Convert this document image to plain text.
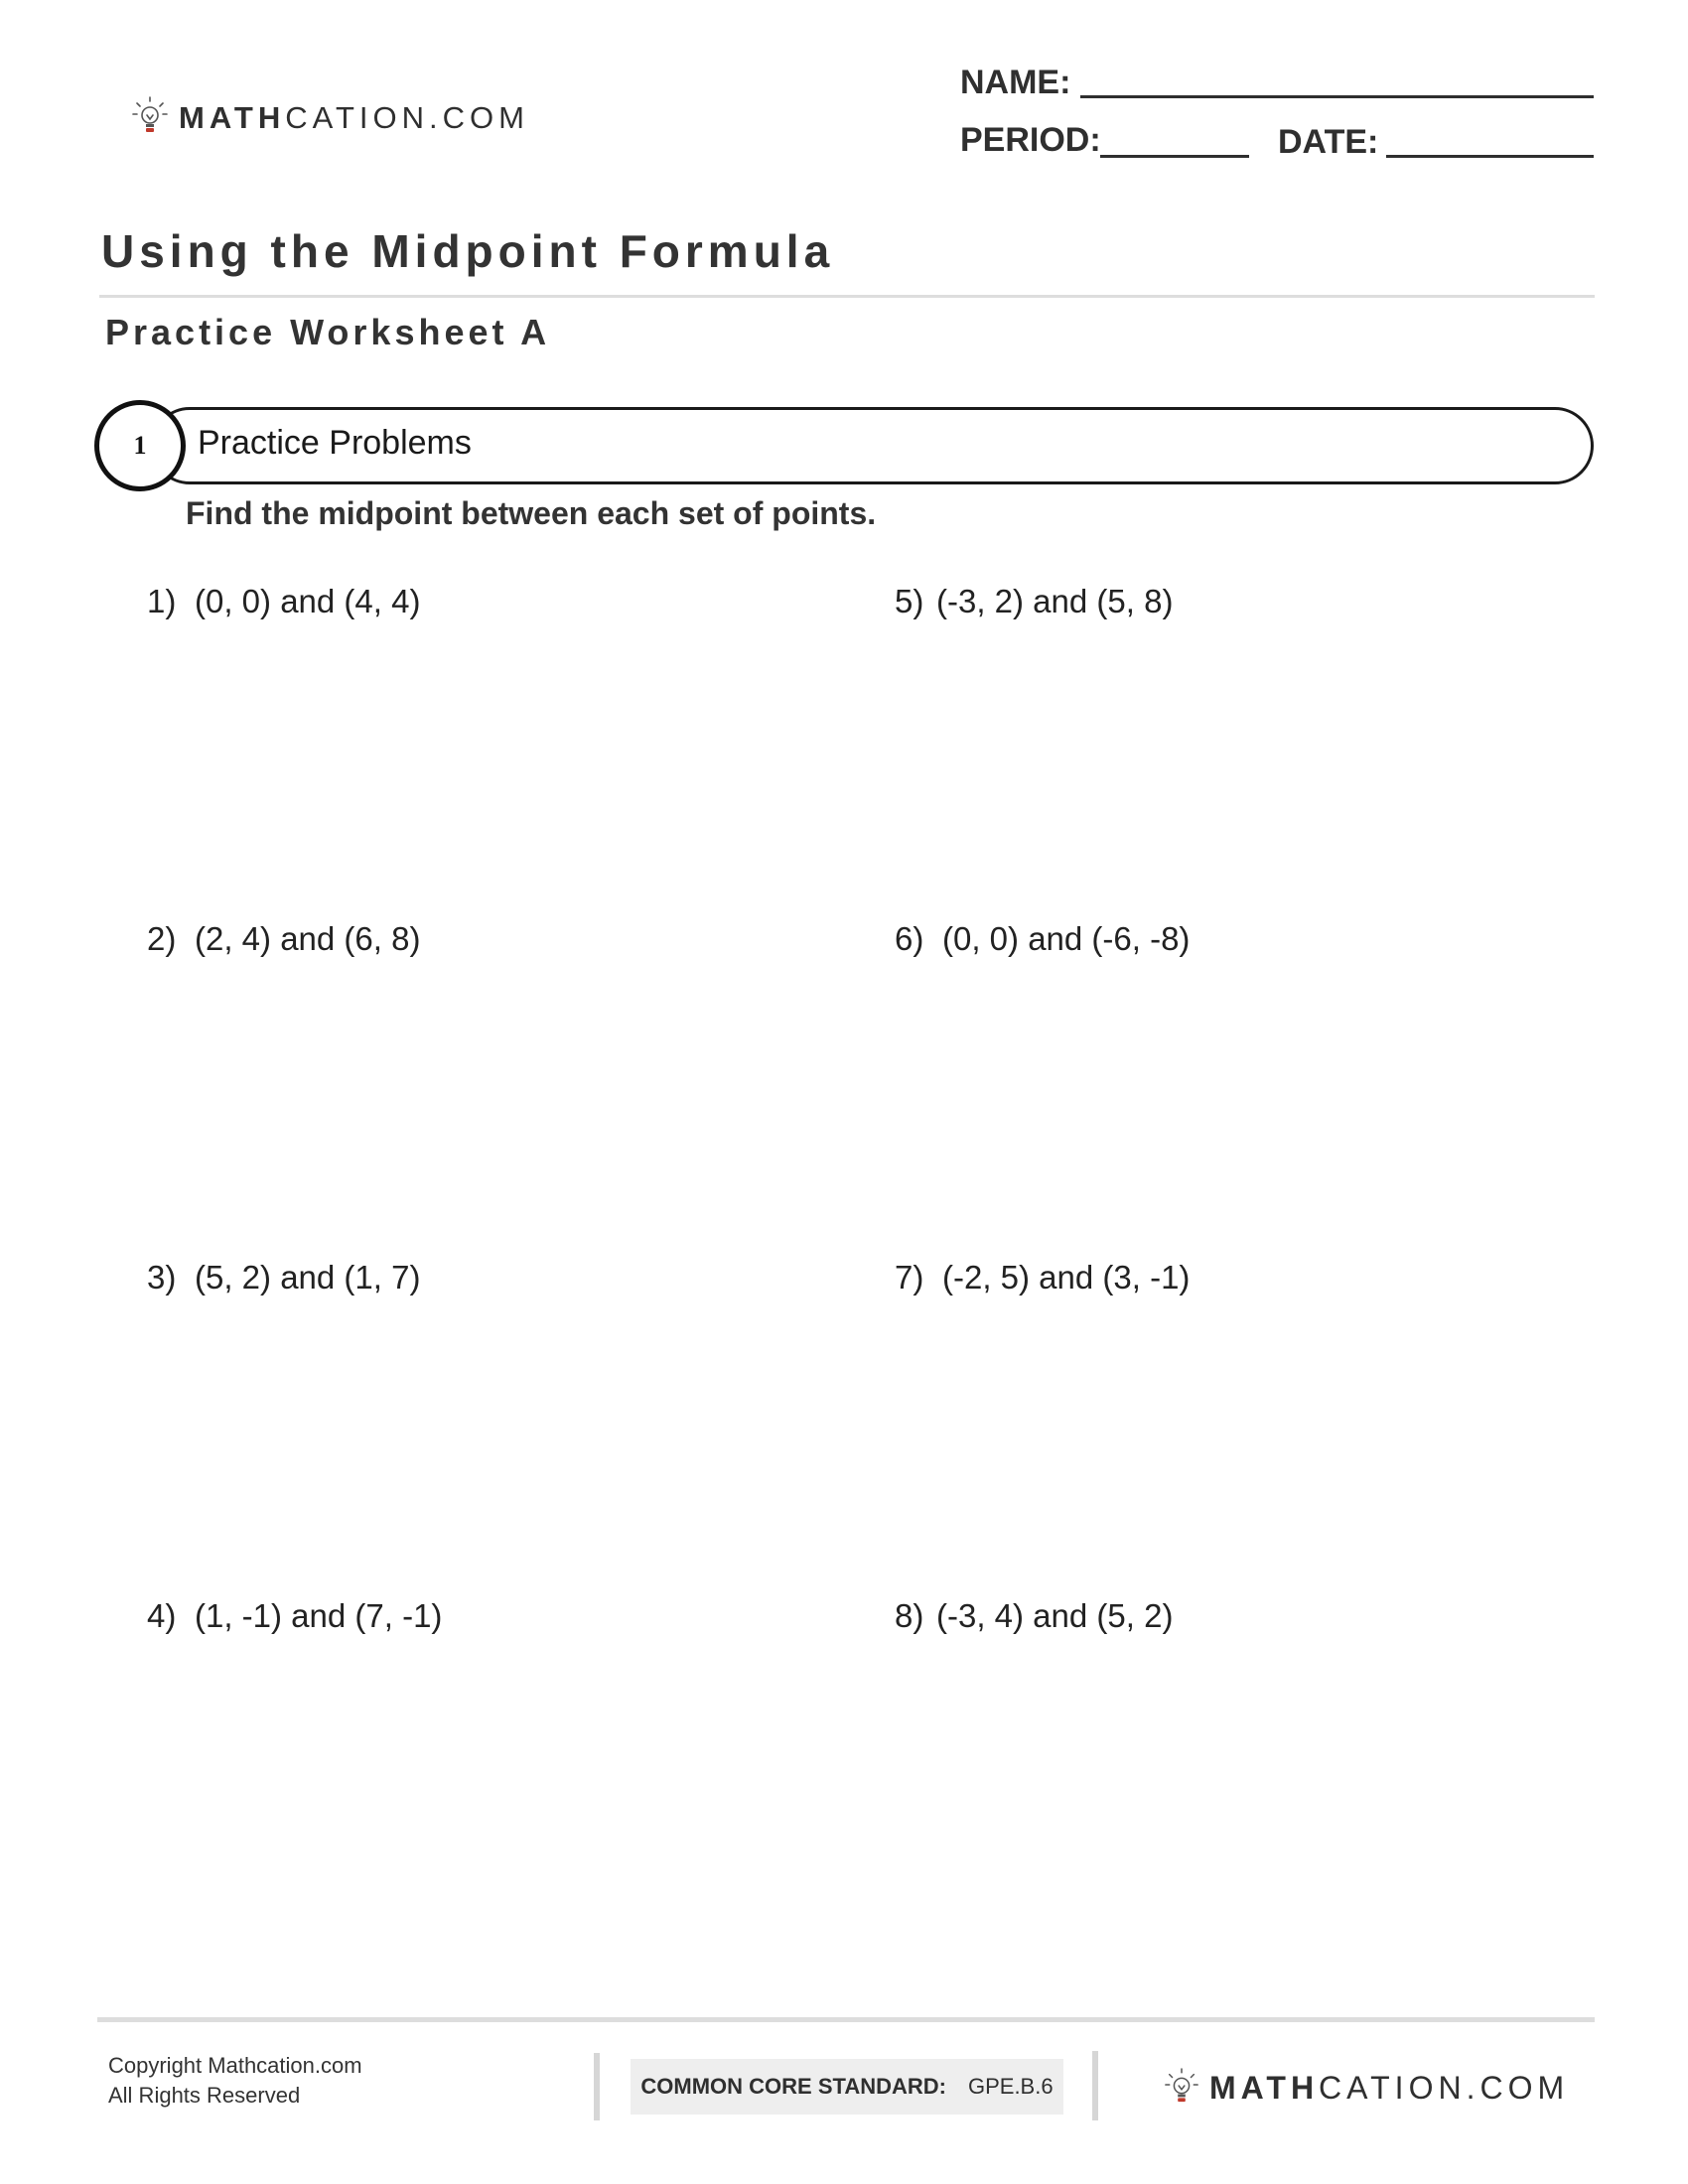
MATHCATION.COM
NAME:
PERIOD:	DATE:
Using the Midpoint Formula
Practice Worksheet A
1 Practice Problems
Find the midpoint between each set of points.
1) (0, 0) and (4, 4)
2) (2, 4) and (6, 8)
3) (5, 2) and (1, 7)
4) (1, -1) and (7, -1)
5) (-3, 2) and (5, 8)
6) (0, 0) and (-6, -8)
7) (-2, 5) and (3, -1)
8) (-3, 4) and (5, 2)
Copyright Mathcation.com
All Rights Reserved	COMMON CORE STANDARD: GPE.B.6	MATHCATION.COM
